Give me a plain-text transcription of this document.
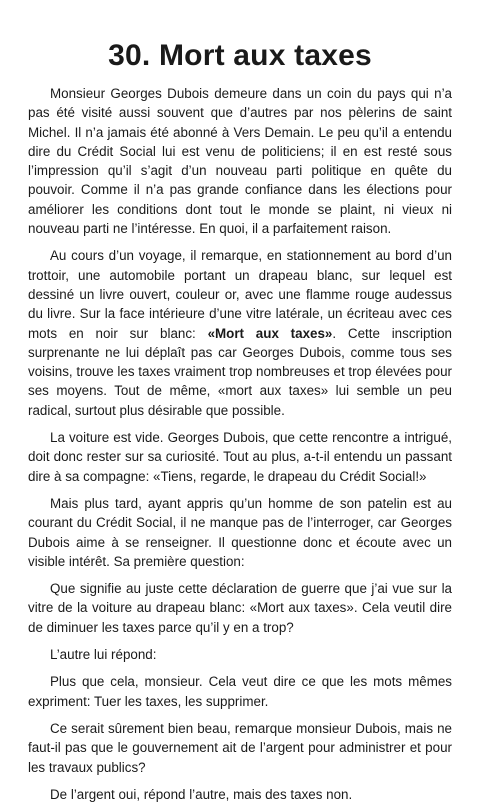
30. Mort aux taxes

Monsieur Georges Dubois demeure dans un coin du pays qui n’a pas été visité aussi souvent que d’autres par nos pèlerins de saint Michel. Il n’a jamais été abonné à Vers Demain. Le peu qu’il a entendu dire du Crédit Social lui est venu de politiciens; il en est resté sous l’impression qu’il s’agit d’un nouveau parti politique en quête du pouvoir. Comme il n’a pas grande confiance dans les élections pour améliorer les conditions dont tout le monde se plaint, ni vieux ni nouveau parti ne l’intéresse. En quoi, il a parfaitement raison.

Au cours d’un voyage, il remarque, en stationnement au bord d’un trottoir, une automobile portant un drapeau blanc, sur lequel est dessiné un livre ouvert, couleur or, avec une flamme rouge audessus du livre. Sur la face intérieure d’une vitre latérale, un écriteau avec ces mots en noir sur blanc: «Mort aux taxes». Cette inscription surprenante ne lui déplaît pas car Georges Dubois, comme tous ses voisins, trouve les taxes vraiment trop nombreuses et trop élevées pour ses moyens. Tout de même, «mort aux taxes» lui semble un peu radical, surtout plus désirable que possible.

La voiture est vide. Georges Dubois, que cette rencontre a intrigué, doit donc rester sur sa curiosité. Tout au plus, a-t-il entendu un passant dire à sa compagne: «Tiens, regarde, le drapeau du Crédit Social!»

Mais plus tard, ayant appris qu’un homme de son patelin est au courant du Crédit Social, il ne manque pas de l’interroger, car Georges Dubois aime à se renseigner. Il questionne donc et écoute avec un visible intérêt. Sa première question:

Que signifie au juste cette déclaration de guerre que j’ai vue sur la vitre de la voiture au drapeau blanc: «Mort aux taxes». Cela veutil dire de diminuer les taxes parce qu’il y en a trop?

L’autre lui répond:

Plus que cela, monsieur. Cela veut dire ce que les mots mêmes expriment: Tuer les taxes, les supprimer.

Ce serait sûrement bien beau, remarque monsieur Dubois, mais ne faut-il pas que le gouvernement ait de l’argent pour administrer et pour les travaux publics?

De l’argent oui, répond l’autre, mais des taxes non.
